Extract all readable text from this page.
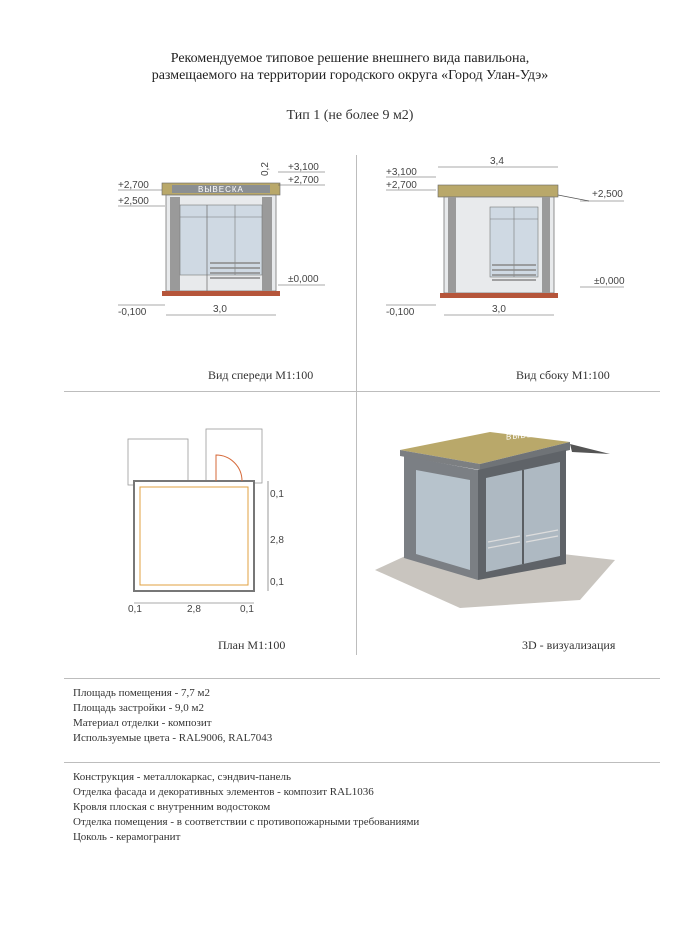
Рекомендуемое типовое решение внешнего вида павильона,
размещаемого на территории городского округа «Город Улан-Удэ»
Тип 1 (не более 9 м2)
+2,700
+2,500
-0,100
ВЫВЕСКА
+3,100
+2,700
±0,000
0,2
3,0
Вид спереди М1:100
+3,100
+2,700
-0,100
3,4
+2,500
±0,000
3,0
Вид сбоку М1:100
0,1	2,8	0,1
0,1
2,8
0,1
План М1:100
ВЫВЕСКА
3D - визуализация
Площадь помещения - 7,7 м2
Площадь застройки - 9,0 м2
Материал отделки - композит
Используемые цвета - RAL9006, RAL7043
Конструкция - металлокаркас, сэндвич-панель
Отделка фасада и декоративных элементов - композит RAL1036
Кровля плоская с внутренним водостоком
Отделка помещения - в соответствии с противопожарными требованиями
Цоколь - керамогранит
